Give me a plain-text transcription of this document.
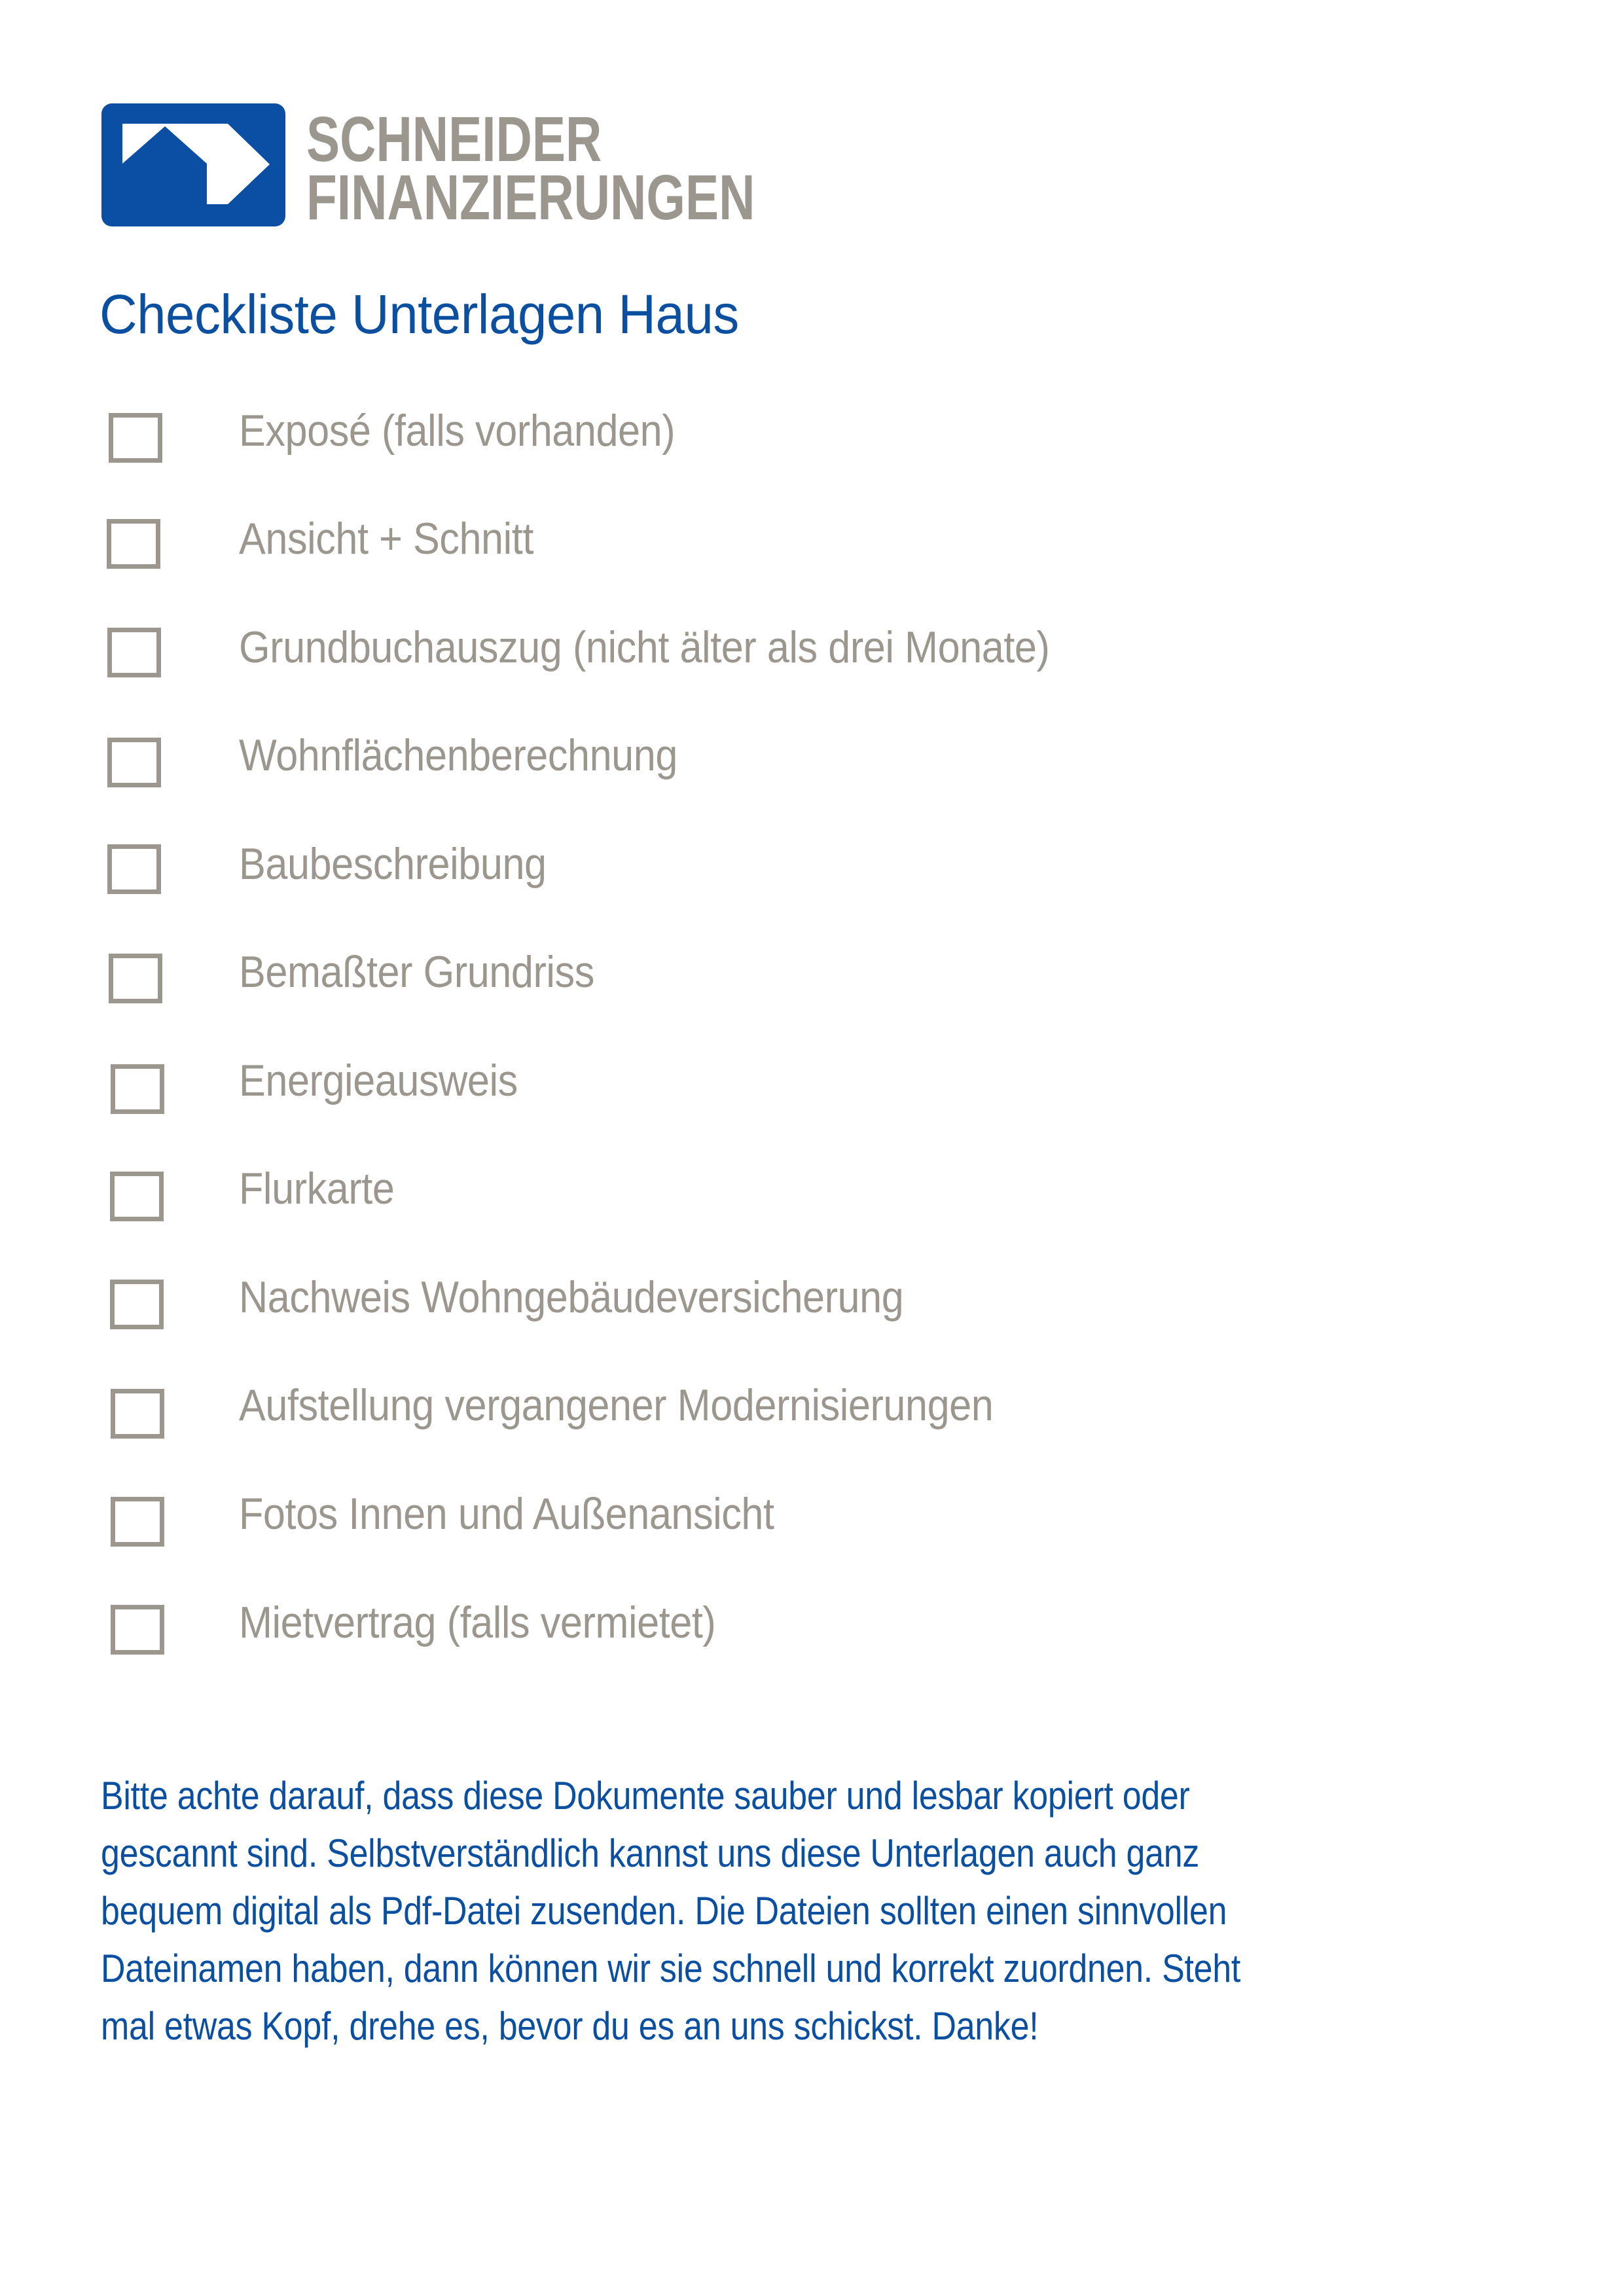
SCHNEIDER
FINANZIERUNGEN
Checkliste Unterlagen Haus
Exposé (falls vorhanden)
Ansicht + Schnitt
Grundbuchauszug (nicht älter als drei Monate)
Wohnflächenberechnung
Baubeschreibung
Bemaßter Grundriss
Energieausweis
Flurkarte
Nachweis Wohngebäudeversicherung
Aufstellung vergangener Modernisierungen
Fotos Innen und Außenansicht
Mietvertrag (falls vermietet)
Bitte achte darauf, dass diese Dokumente sauber und lesbar kopiert oder
gescannt sind. Selbstverständlich kannst uns diese Unterlagen auch ganz
bequem digital als Pdf-Datei zusenden. Die Dateien sollten einen sinnvollen
Dateinamen haben, dann können wir sie schnell und korrekt zuordnen. Steht
mal etwas Kopf, drehe es, bevor du es an uns schickst. Danke!
